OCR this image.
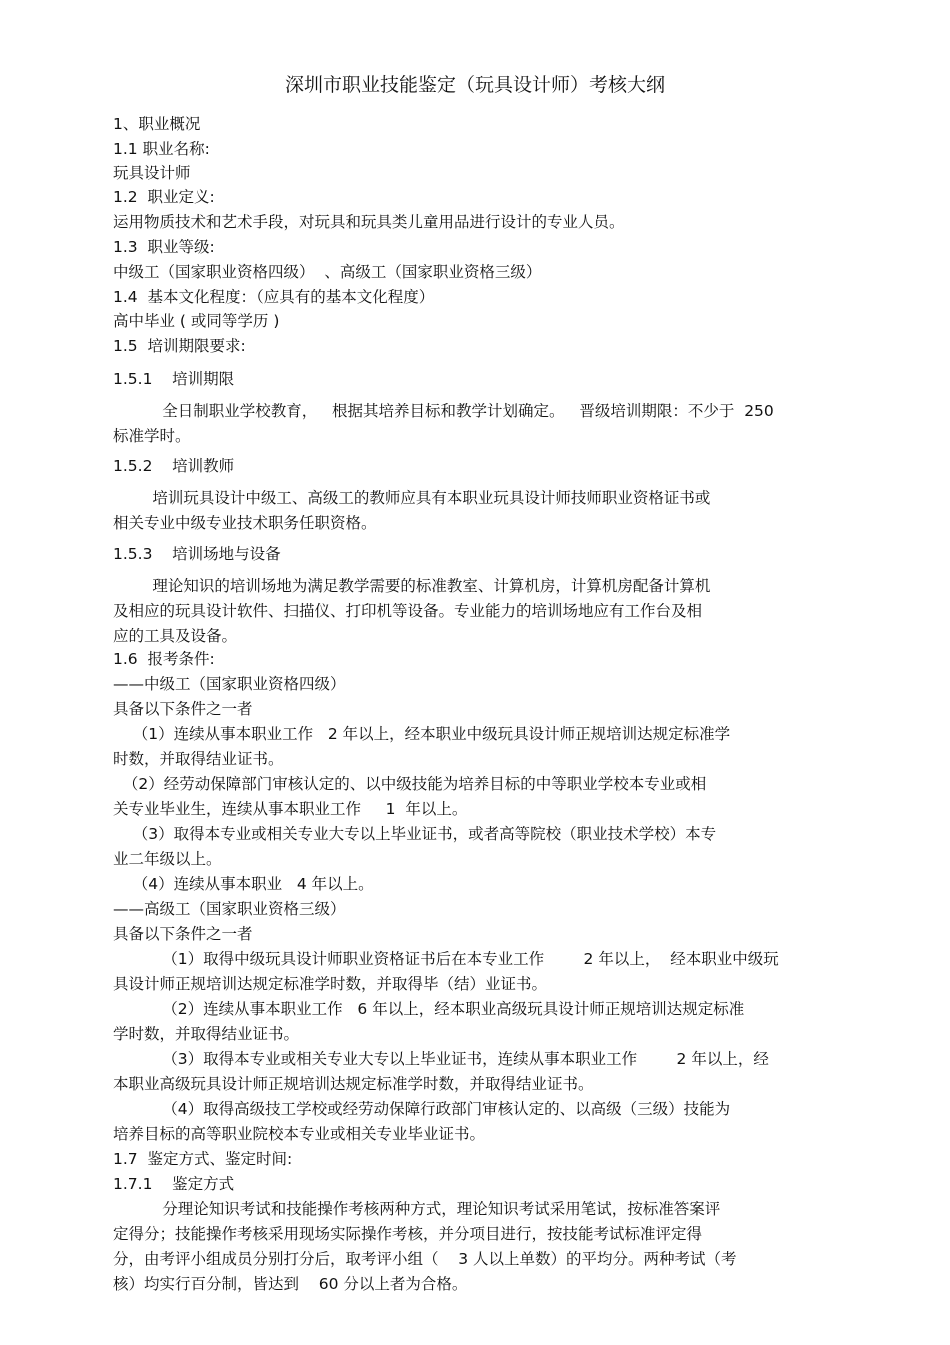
深圳市职业技能鉴定（玩具设计师）考核大纲
1、职业概况
1.1 职业名称:
玩具设计师
1.2  职业定义:
运用物质技术和艺术手段，对玩具和玩具类儿童用品进行设计的专业人员。
1.3  职业等级:
中级工（国家职业资格四级）  、高级工（国家职业资格三级）
1.4  基本文化程度：（应具有的基本文化程度）
高中毕业 ( 或同等学历 )
1.5  培训期限要求:
1.5.1    培训期限
全日制职业学校教育，   根据其培养目标和教学计划确定。   晋级培训期限：不少于  250
标准学时。
1.5.2    培训教师
培训玩具设计中级工、高级工的教师应具有本职业玩具设计师技师职业资格证书或
相关专业中级专业技术职务任职资格。
1.5.3    培训场地与设备
理论知识的培训场地为满足教学需要的标准教室、计算机房，计算机房配备计算机
及相应的玩具设计软件、扫描仪、打印机等设备。专业能力的培训场地应有工作台及相
应的工具及设备。
1.6  报考条件:
——中级工（国家职业资格四级）
具备以下条件之一者
（1）连续从事本职业工作   2 年以上，经本职业中级玩具设计师正规培训达规定标准学
时数，并取得结业证书。
（2）经劳动保障部门审核认定的、以中级技能为培养目标的中等职业学校本专业或相
关专业毕业生，连续从事本职业工作     1  年以上。
（3）取得本专业或相关专业大专以上毕业证书，或者高等院校（职业技术学校）本专
业二年级以上。
（4）连续从事本职业   4 年以上。
——高级工（国家职业资格三级）
具备以下条件之一者
（1）取得中级玩具设计师职业资格证书后在本专业工作        2 年以上，  经本职业中级玩
具设计师正规培训达规定标准学时数，并取得毕（结）业证书。
（2）连续从事本职业工作   6 年以上，经本职业高级玩具设计师正规培训达规定标准
学时数，并取得结业证书。
（3）取得本专业或相关专业大专以上毕业证书，连续从事本职业工作        2 年以上，经
本职业高级玩具设计师正规培训达规定标准学时数，并取得结业证书。
（4）取得高级技工学校或经劳动保障行政部门审核认定的、以高级（三级）技能为
培养目标的高等职业院校本专业或相关专业毕业证书。
1.7  鉴定方式、鉴定时间:
1.7.1    鉴定方式
分理论知识考试和技能操作考核两种方式，理论知识考试采用笔试，按标准答案评
定得分；技能操作考核采用现场实际操作考核，并分项目进行，按技能考试标准评定得
分，由考评小组成员分别打分后，取考评小组（    3 人以上单数）的平均分。两种考试（考
核）均实行百分制，皆达到    60 分以上者为合格。
